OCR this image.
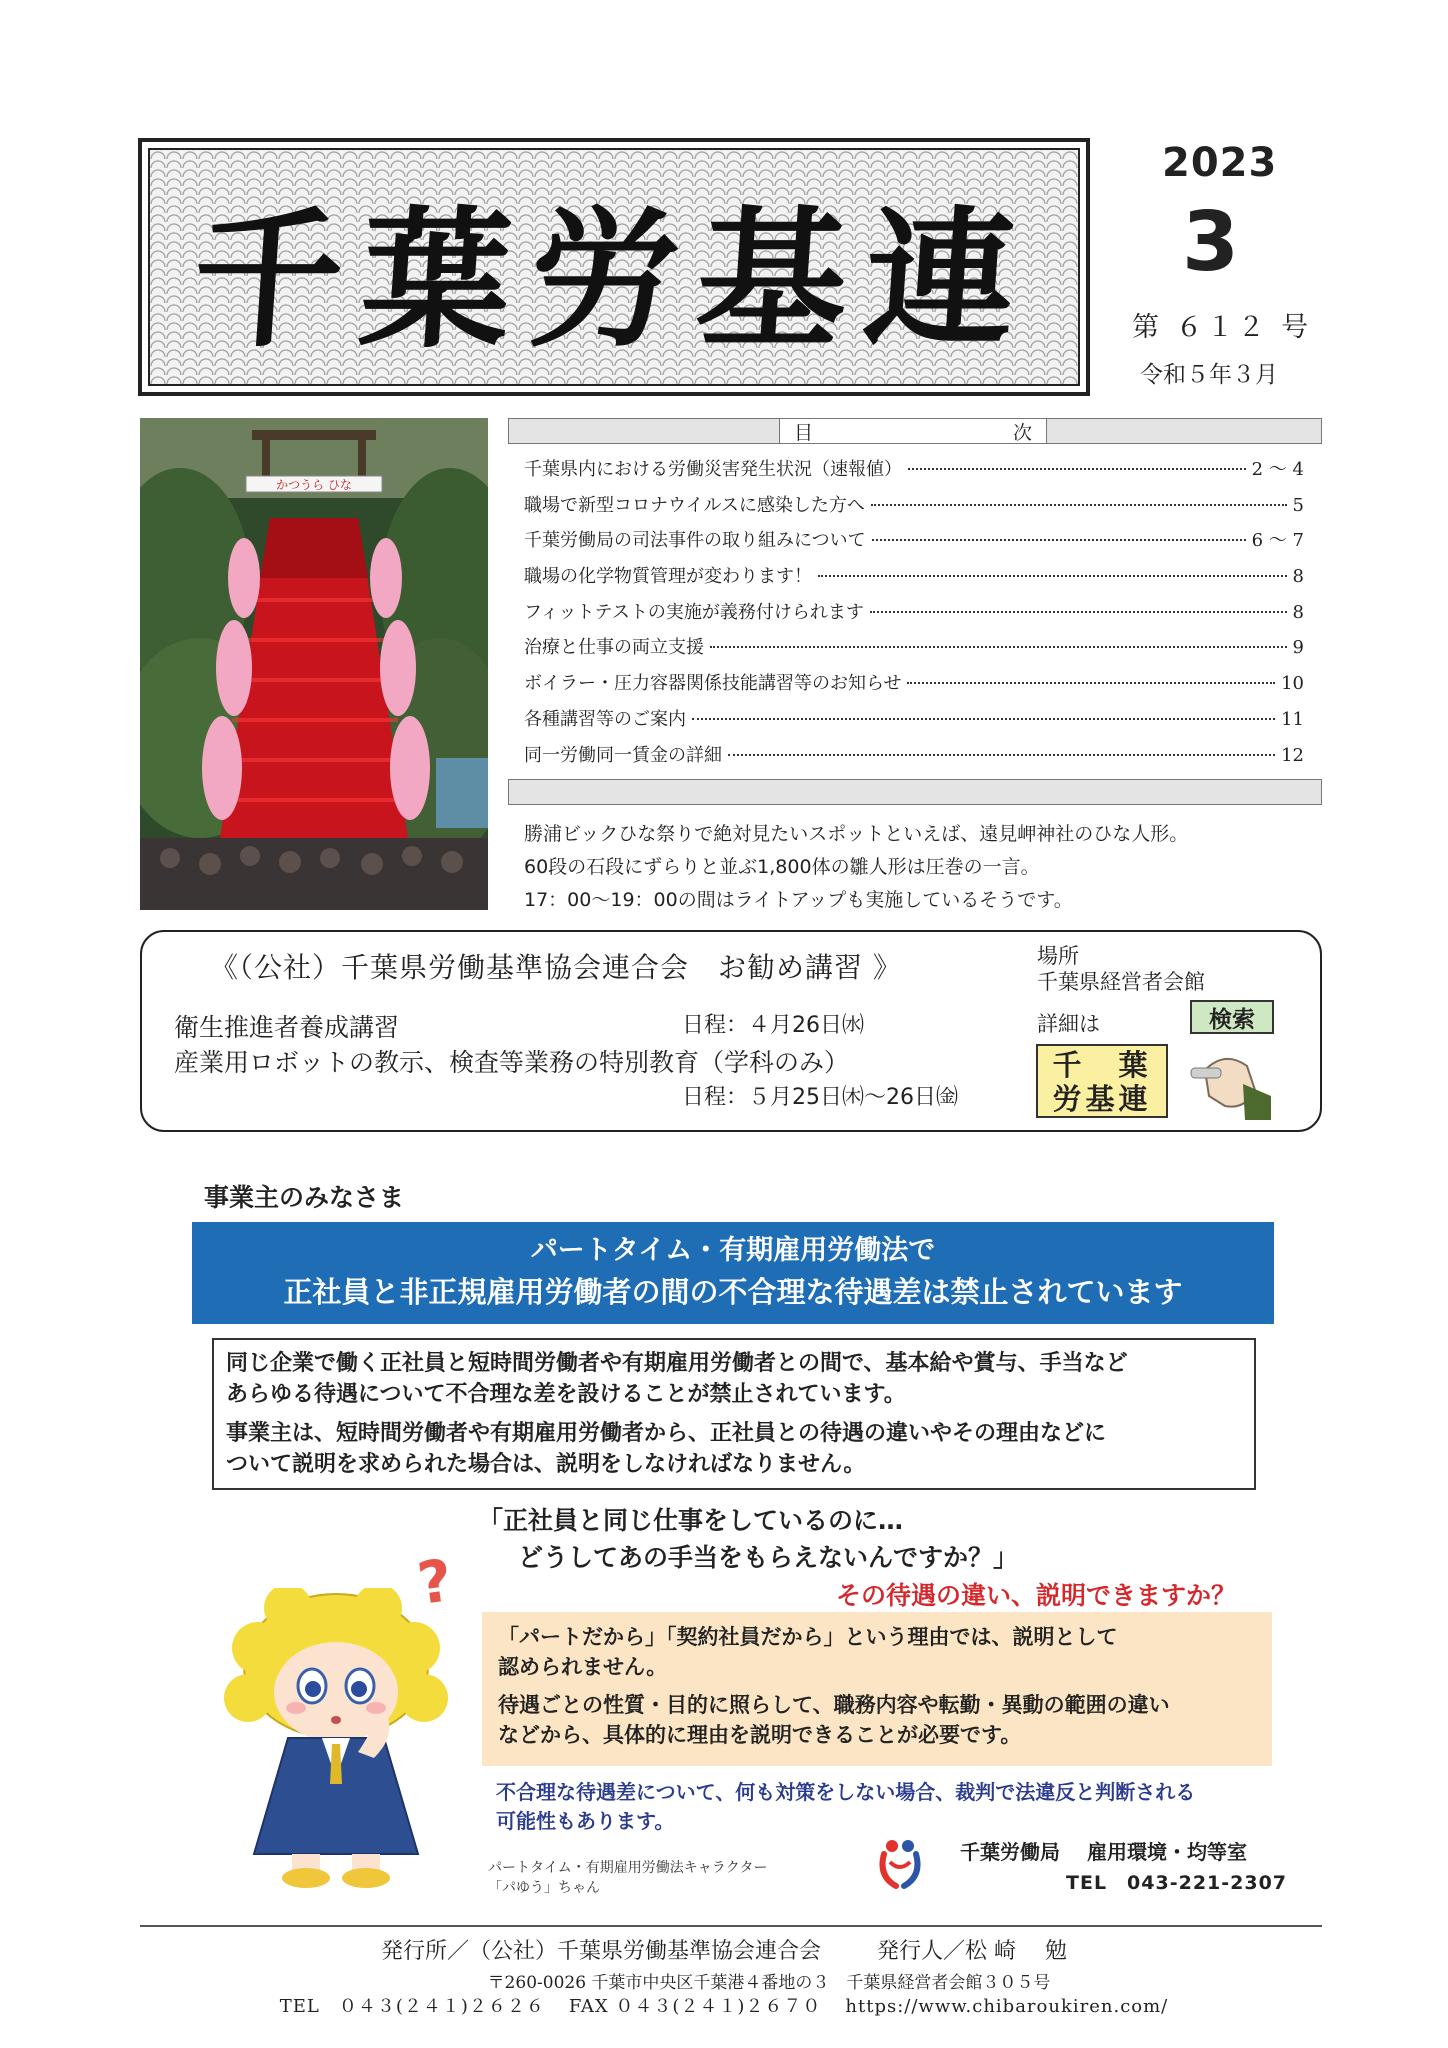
千葉労基連
2023
3
第 ６１２ 号
令和５年３月
かつうら ひな
目	次
千葉県内における労働災害発生状況（速報値）	2 ～ 4
職場で新型コロナウイルスに感染した方へ	5
千葉労働局の司法事件の取り組みについて	6 ～ 7
職場の化学物質管理が変わります！	8
フィットテストの実施が義務付けられます	8
治療と仕事の両立支援	9
ボイラー・圧力容器関係技能講習等のお知らせ	10
各種講習等のご案内	11
同一労働同一賃金の詳細	12
勝浦ビックひな祭りで絶対見たいスポットといえば、遠見岬神社のひな人形。
60段の石段にずらりと並ぶ1,800体の雛人形は圧巻の一言。
17：00～19：00の間はライトアップも実施しているそうです。
《（公社）千葉県労働基準協会連合会　お勧め講習 》
衛生推進者養成講習	日程：４月26日㈬
産業用ロボットの教示、検査等業務の特別教育（学科のみ）
日程：５月25日㈭～26日㈮
場所
千葉県経営者会館
詳細は	検索
千　葉
労基連
事業主のみなさま
パートタイム・有期雇用労働法で
正社員と非正規雇用労働者の間の不合理な待遇差は禁止されています

同じ企業で働く正社員と短時間労働者や有期雇用労働者との間で、基本給や賞与、手当など
あらゆる待遇について不合理な差を設けることが禁止されています。

事業主は、短時間労働者や有期雇用労働者から、正社員との待遇の違いやその理由などに
ついて説明を求められた場合は、説明をしなければなりません。

?
「正社員と同じ仕事をしているのに…
どうしてあの手当をもらえないんですか？」
その待遇の違い、説明できますか？

「パートだから」「契約社員だから」という理由では、説明として
認められません。

待遇ごとの性質・目的に照らして、職務内容や転勤・異動の範囲の違い
などから、具体的に理由を説明できることが必要です。

不合理な待遇差について、何も対策をしない場合、裁判で法違反と判断される
可能性もあります。
パートタイム・有期雇用労働法キャラクター
「パゆう」ちゃん
千葉労働局　 雇用環境・均等室
TEL　043-221-2307
発行所／（公社）千葉県労働基準協会連合会	発行人／松 崎　 勉
〒260-0026 千葉市中央区千葉港４番地の３　千葉県経営者会館３０５号
TEL　０４３(２４１)２６２６ FAX ０４３(２４１)２６７０ https://www.chibaroukiren.com/
